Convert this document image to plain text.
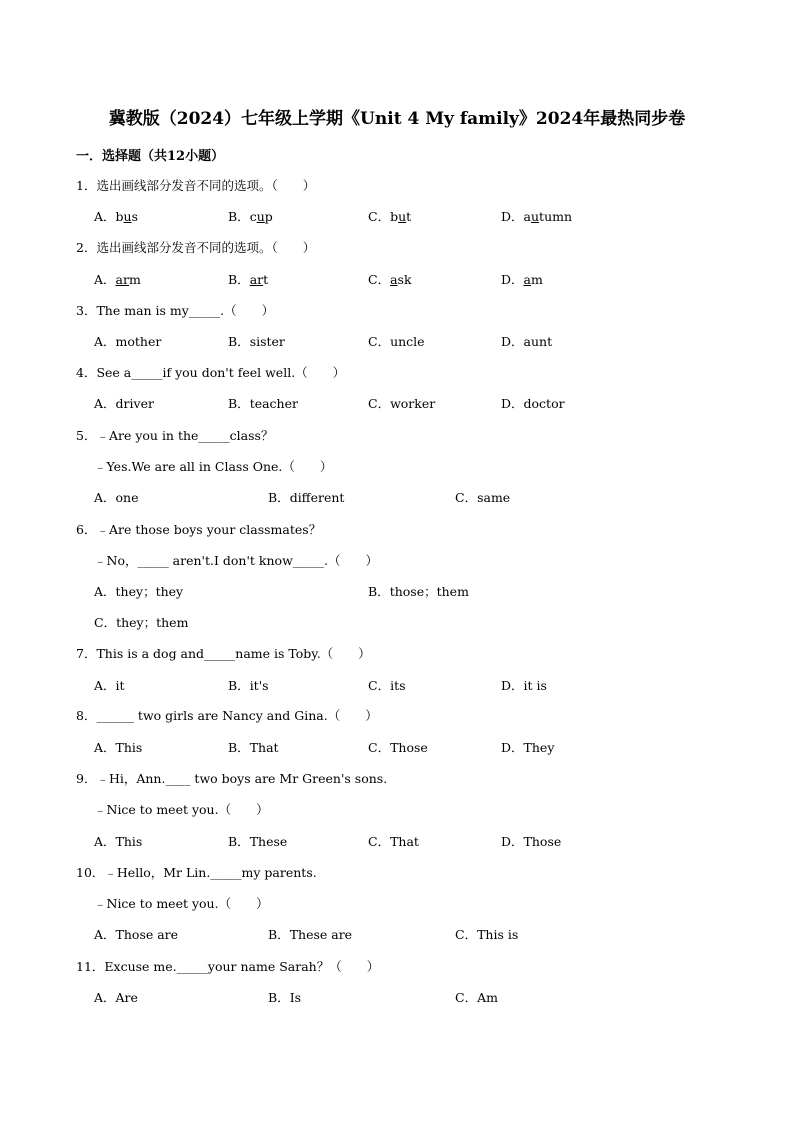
冀教版（2024）七年级上学期《Unit 4 My family》2024年最热同步卷
一．选择题（共12小题）
1．选出画线部分发音不同的选项。（　　）
A．bus	B．cup	C．but	D．autumn
2．选出画线部分发音不同的选项。（　　）
A．arm	B．art	C．ask	D．am
3．The man is my_____.（　　）
A．mother	B．sister	C．uncle	D．aunt
4．See a_____if you don't feel well.（　　）
A．driver	B．teacher	C．worker	D．doctor
5．﹣Are you in the_____class？
﹣Yes.We are all in Class One.（　　）
A．one	B．different	C．same
6．﹣Are those boys your classmates？
﹣No，_____ aren't.I don't know_____.（　　）
A．they；they	B．those；them
C．they；them
7．This is a dog and_____name is Toby.（　　）
A．it	B．it's	C．its	D．it is
8．______ two girls are Nancy and Gina.（　　）
A．This	B．That	C．Those	D．They
9．﹣Hi，Ann.____ two boys are Mr Green's sons.
﹣Nice to meet you.（　　）
A．This	B．These	C．That	D．Those
10．﹣Hello，Mr Lin._____my parents.
﹣Nice to meet you.（　　）
A．Those are	B．These are	C．This is
11．Excuse me._____your name Sarah？（　　）
A．Are	B．Is	C．Am
